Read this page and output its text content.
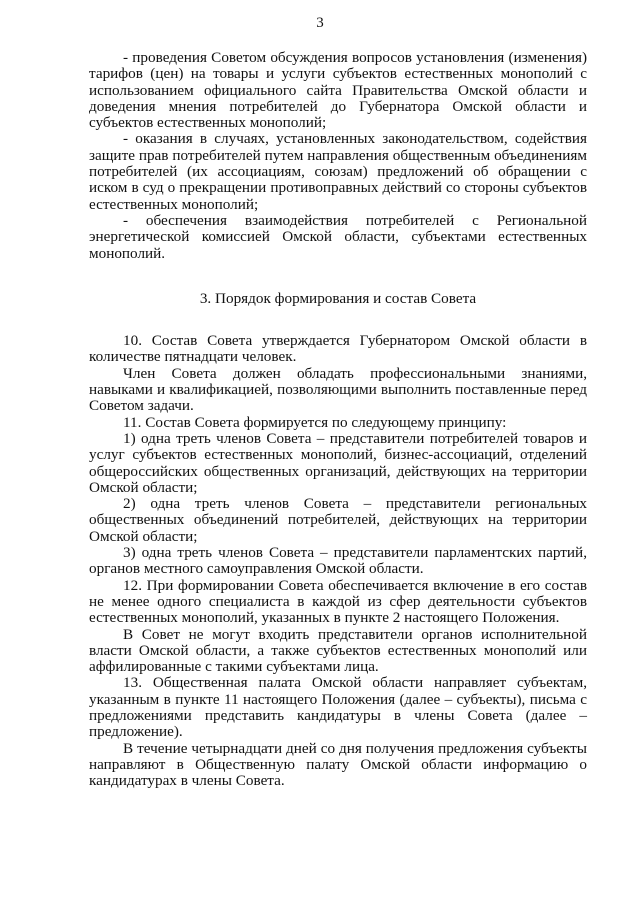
3

- проведения Советом обсуждения вопросов установления (изменения) тарифов (цен) на товары и услуги субъектов естественных монополий с использованием официального сайта Правительства Омской области и доведения мнения потребителей до Губернатора Омской области и субъектов естественных монополий;

- оказания в случаях, установленных законодательством, содействия защите прав потребителей путем направления общественным объединениям потребителей (их ассоциациям, союзам) предложений об обращении с иском в суд о прекращении противоправных действий со стороны субъектов естественных монополий;

- обеспечения взаимодействия потребителей с Региональной энергетической комиссией Омской области, субъектами естественных монополий.

3. Порядок формирования и состав Совета

10. Состав Совета утверждается Губернатором Омской области в количестве пятнадцати человек.

Член Совета должен обладать профессиональными знаниями, навыками и квалификацией, позволяющими выполнить поставленные перед Советом задачи.

11. Состав Совета формируется по следующему принципу:

1) одна треть членов Совета – представители потребителей товаров и услуг субъектов естественных монополий, бизнес-ассоциаций, отделений общероссийских общественных организаций, действующих на территории Омской области;

2) одна треть членов Совета – представители региональных общественных объединений потребителей, действующих на территории Омской области;

3) одна треть членов Совета – представители парламентских партий, органов местного самоуправления Омской области.

12. При формировании Совета обеспечивается включение в его состав не менее одного специалиста в каждой из сфер деятельности субъектов естественных монополий, указанных в пункте 2 настоящего Положения.

В Совет не могут входить представители органов исполнительной власти Омской области, а также субъектов естественных монополий или аффилированные с такими субъектами лица.

13. Общественная палата Омской области направляет субъектам, указанным в пункте 11 настоящего Положения (далее – субъекты), письма с предложениями представить кандидатуры в члены Совета (далее – предложение).

В течение четырнадцати дней со дня получения предложения субъекты направляют в Общественную палату Омской области информацию о кандидатурах в члены Совета.
